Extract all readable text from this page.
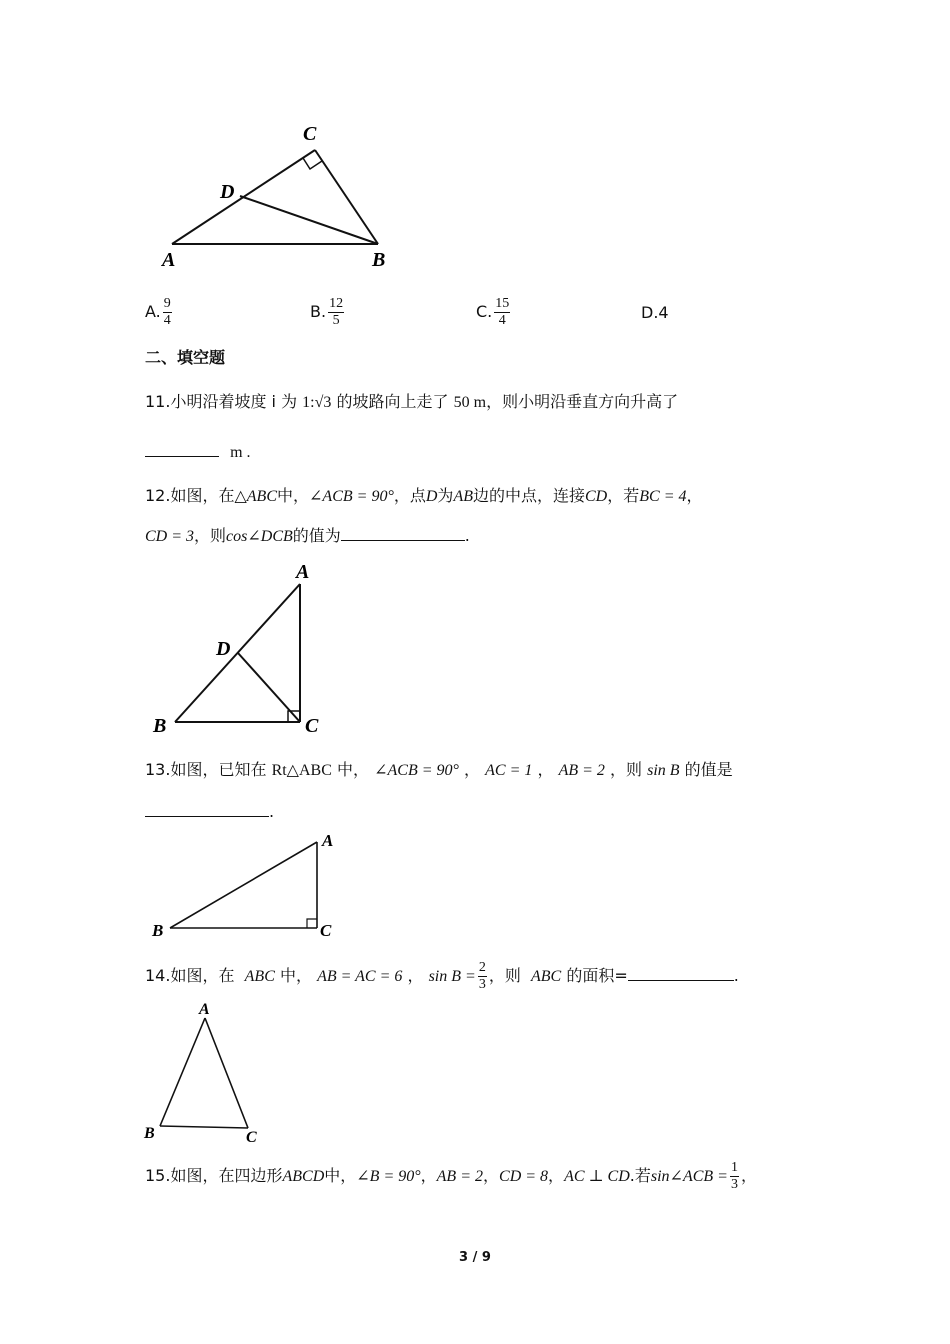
C
D
A	B
A. $\frac{9}{4}$	B. $\frac{12}{5}$	C. $\frac{15}{4}$	D.4
二、填空题
11.小明沿着坡度 i 为 1:√3 的坡路向上走了 50 m，则小明沿垂直方向升高了
m .
12.如图，在△ABC中，∠ACB = 90°，点D为AB边的中点，连接CD，若BC = 4，
CD = 3，则cos∠DCB的值为	.
A
D
B	C
13.如图，已知在 Rt△ABC 中， ∠ACB = 90° ， AC = 1 ， AB = 2 ，则 sin B 的值是
.
A
B	C
14.如图，在 ABC 中， AB = AC = 6 ， $\sin B = \frac{2}{3}$ ，则 ABC 的面积=	.
A
B	C
15.如图，在四边形ABCD中，∠B = 90°，AB = 2，CD = 8，AC ⊥ CD.若sin∠ACB = $\frac{1}{3}$ ，
3 / 9
